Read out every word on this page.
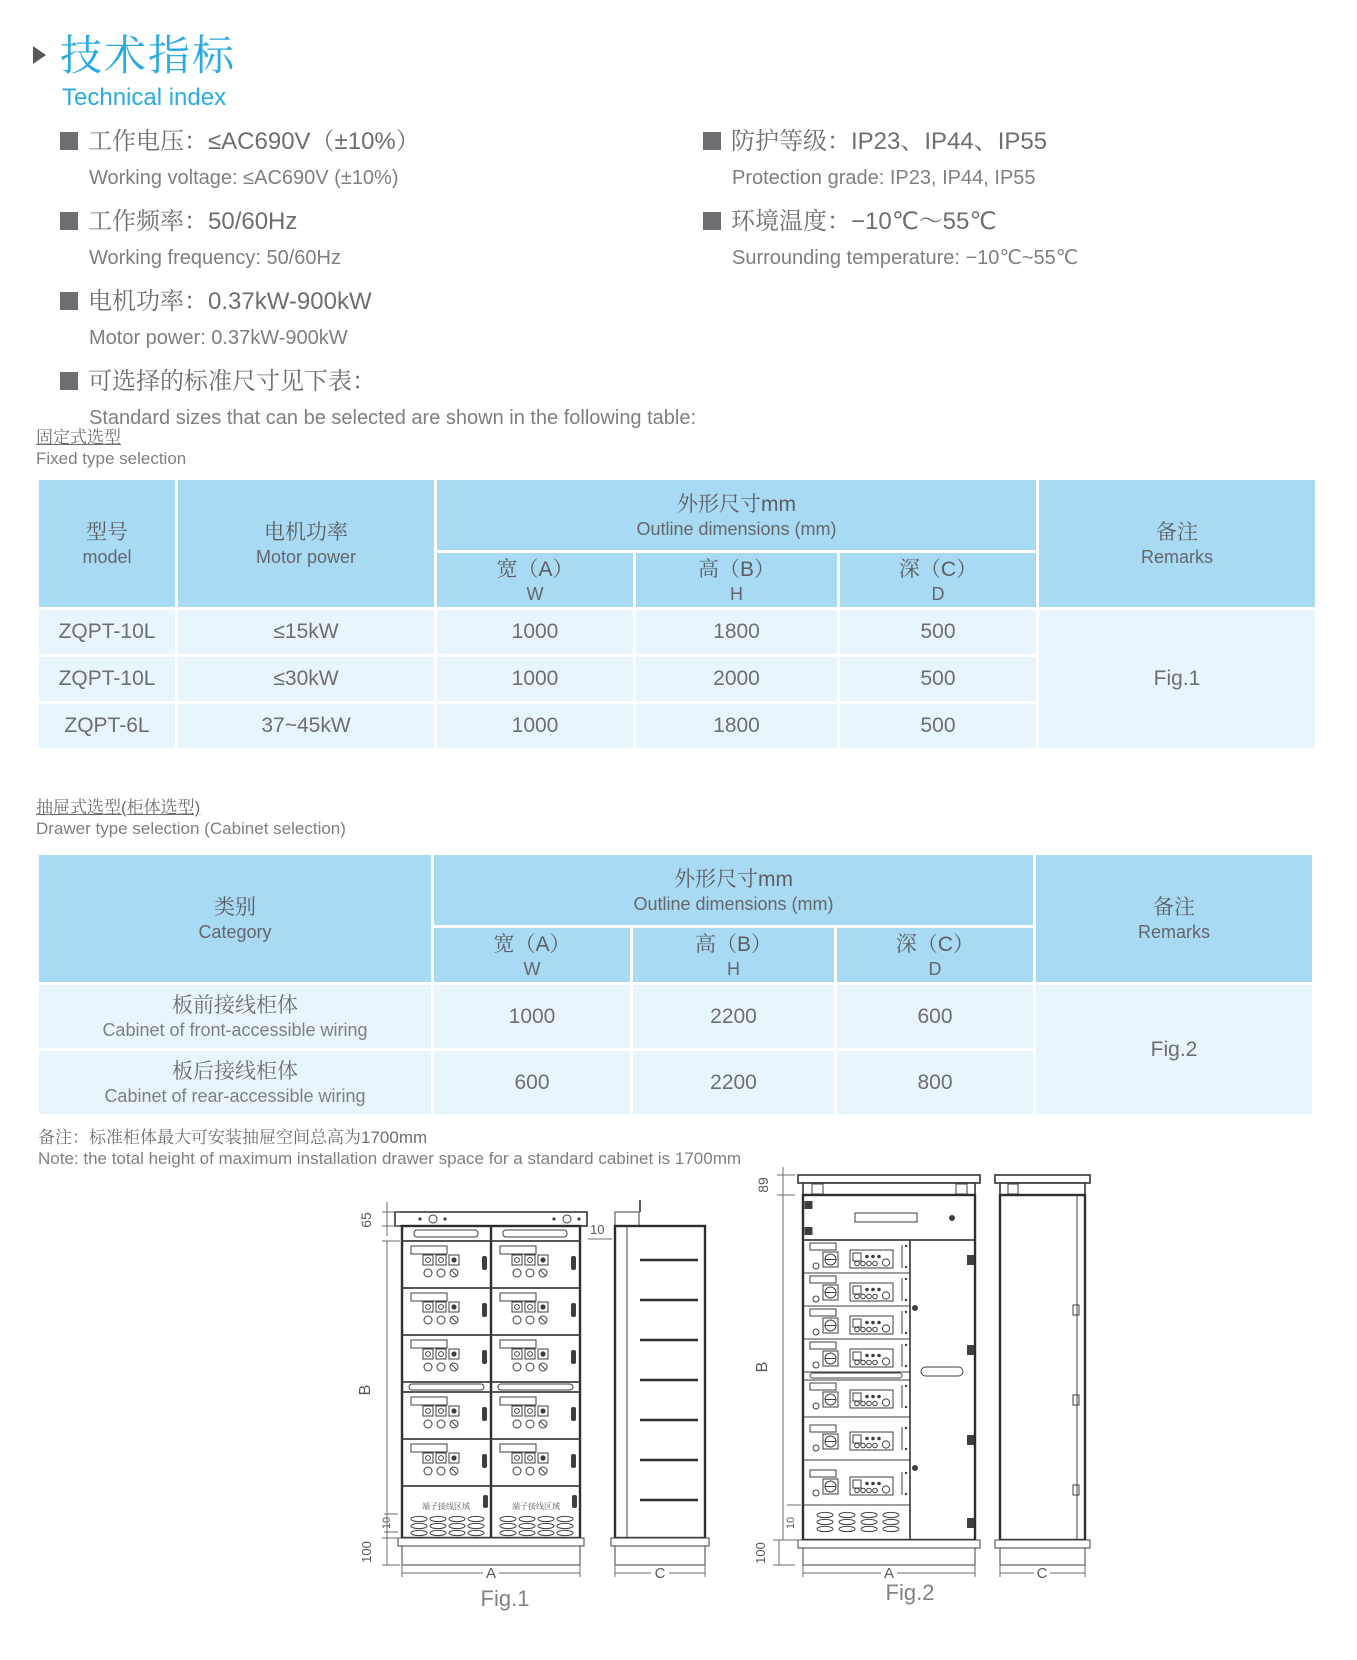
技术指标
Technical index
工作电压：≤AC690V（±10%）
Working voltage: ≤AC690V (±10%)
工作频率：50/60Hz
Working frequency: 50/60Hz
电机功率：0.37kW-900kW
Motor power: 0.37kW-900kW
可选择的标准尺寸见下表：
Standard sizes that can be selected are shown in the following table:
防护等级：IP23、IP44、IP55
Protection grade: IP23, IP44, IP55
环境温度：−10℃～55℃
Surrounding temperature: −10℃~55℃
固定式选型
Fixed type selection
型号
model

电机功率
Motor power

外形尺寸mm
Outline dimensions (mm)	备注
Remarks

宽（A）
W

高（B）
H

深（C）
D

ZQPT-10L	≤15kW	1000	1800	500	Fig.1
ZQPT-10L	≤30kW	1000	2000	500	
ZQPT-6L	37~45kW	1000	1800	500	
抽屉式选型(柜体选型)
Drawer type selection (Cabinet selection)
类别
Category

外形尺寸mm
Outline dimensions (mm)	备注
Remarks

宽（A）
W

高（B）
H

深（C）
D

板前接线柜体
Cabinet of front-accessible wiring	1000	2200	600	Fig.2

板后接线柜体
Cabinet of rear-accessible wiring	600	2200	800	
备注：标准柜体最大可安装抽屉空间总高为1700mm
Note: the total height of maximum installation drawer space for a standard cabinet is 1700mm
端子接线区域	端子接线区域
65
10
B
10
100
A	C
89
B
10
100
A	C
Fig.1	Fig.2
